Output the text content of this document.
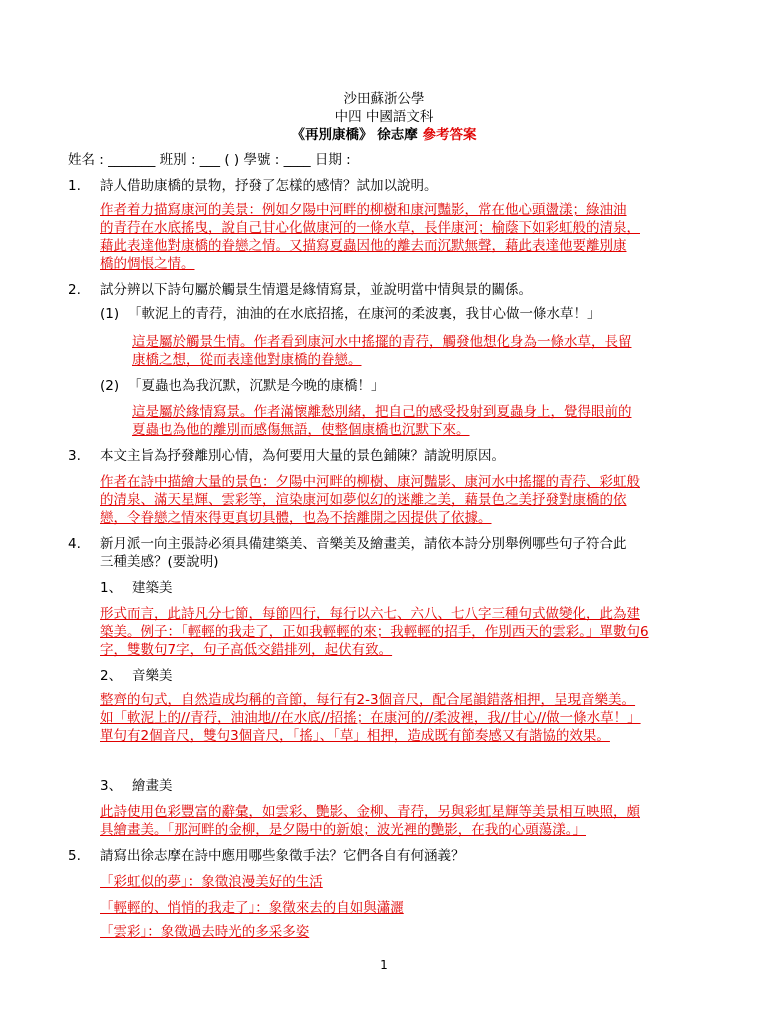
沙田蘇浙公學
中四 中國語文科
《再別康橋》 徐志摩 參考答案
姓名 : _______ 班別 : ___ ( ) 學號 : ____ 日期 :
1. 詩人借助康橋的景物，抒發了怎樣的感情？試加以說明。
作者着力描寫康河的美景：例如夕陽中河畔的柳樹和康河豔影，常在他心頭盪漾；綠油油
的青荇在水底搖曳，說自己甘心化做康河的一條水草，長伴康河；榆蔭下如彩虹般的清泉，
藉此表達他對康橋的眷戀之情。又描寫夏蟲因他的離去而沉默無聲，藉此表達他要離別康
橋的惆悵之情。
2. 試分辨以下詩句屬於觸景生情還是緣情寫景，並說明當中情與景的關係。
(1) 「軟泥上的青荇，油油的在水底招搖，在康河的柔波裏，我甘心做一條水草！」
這是屬於觸景生情。作者看到康河水中搖擺的青荇，觸發他想化身為一條水草，長留
康橋之想，從而表達他對康橋的眷戀。
(2) 「夏蟲也為我沉默，沉默是今晚的康橋！」
這是屬於緣情寫景。作者滿懷離愁別緒，把自己的感受投射到夏蟲身上，覺得眼前的
夏蟲也為他的離別而感傷無語，使整個康橋也沉默下來。
3. 本文主旨為抒發離別心情，為何要用大量的景色鋪陳？請說明原因。
作者在詩中描繪大量的景色：夕陽中河畔的柳樹、康河豔影、康河水中搖擺的青荇、彩虹般
的清泉、滿天星輝、雲彩等，渲染康河如夢似幻的迷離之美，藉景色之美抒發對康橋的依
戀，令眷戀之情來得更真切具體，也為不捨離開之因提供了依據。
4. 新月派一向主張詩必須具備建築美、音樂美及繪畫美，請依本詩分別舉例哪些句子符合此
三種美感？(要說明)
1、 建築美
形式而言，此詩凡分七節，每節四行，每行以六七、六八、七八字三種句式做變化，此為建
築美。例子：「輕輕的我走了，正如我輕輕的來；我輕輕的招手，作別西天的雲彩。」單數句6
字，雙數句7字，句子高低交錯排列，起伏有致。
2、 音樂美
整齊的句式，自然造成均稱的音節，每行有2-3個音尺，配合尾韻錯落相押，呈現音樂美。
如「軟泥上的//青荇，油油地//在水底//招搖；在康河的//柔波裡，我//甘心//做一條水草！」
單句有2個音尺，雙句3個音尺，「搖」、「草」相押，造成既有節奏感又有諧協的效果。
3、 繪畫美
此詩使用色彩豐富的辭彙，如雲彩、艷影、金柳、青荇，另與彩虹星輝等美景相互映照，頗
具繪畫美。「那河畔的金柳，是夕陽中的新娘；波光裡的艷影，在我的心頭蕩漾。」
5. 請寫出徐志摩在詩中應用哪些象徵手法？它們各自有何涵義？
「彩虹似的夢」：象徵浪漫美好的生活
「輕輕的、悄悄的我走了」：象徵來去的自如與瀟灑
「雲彩」：象徵過去時光的多采多姿
1
